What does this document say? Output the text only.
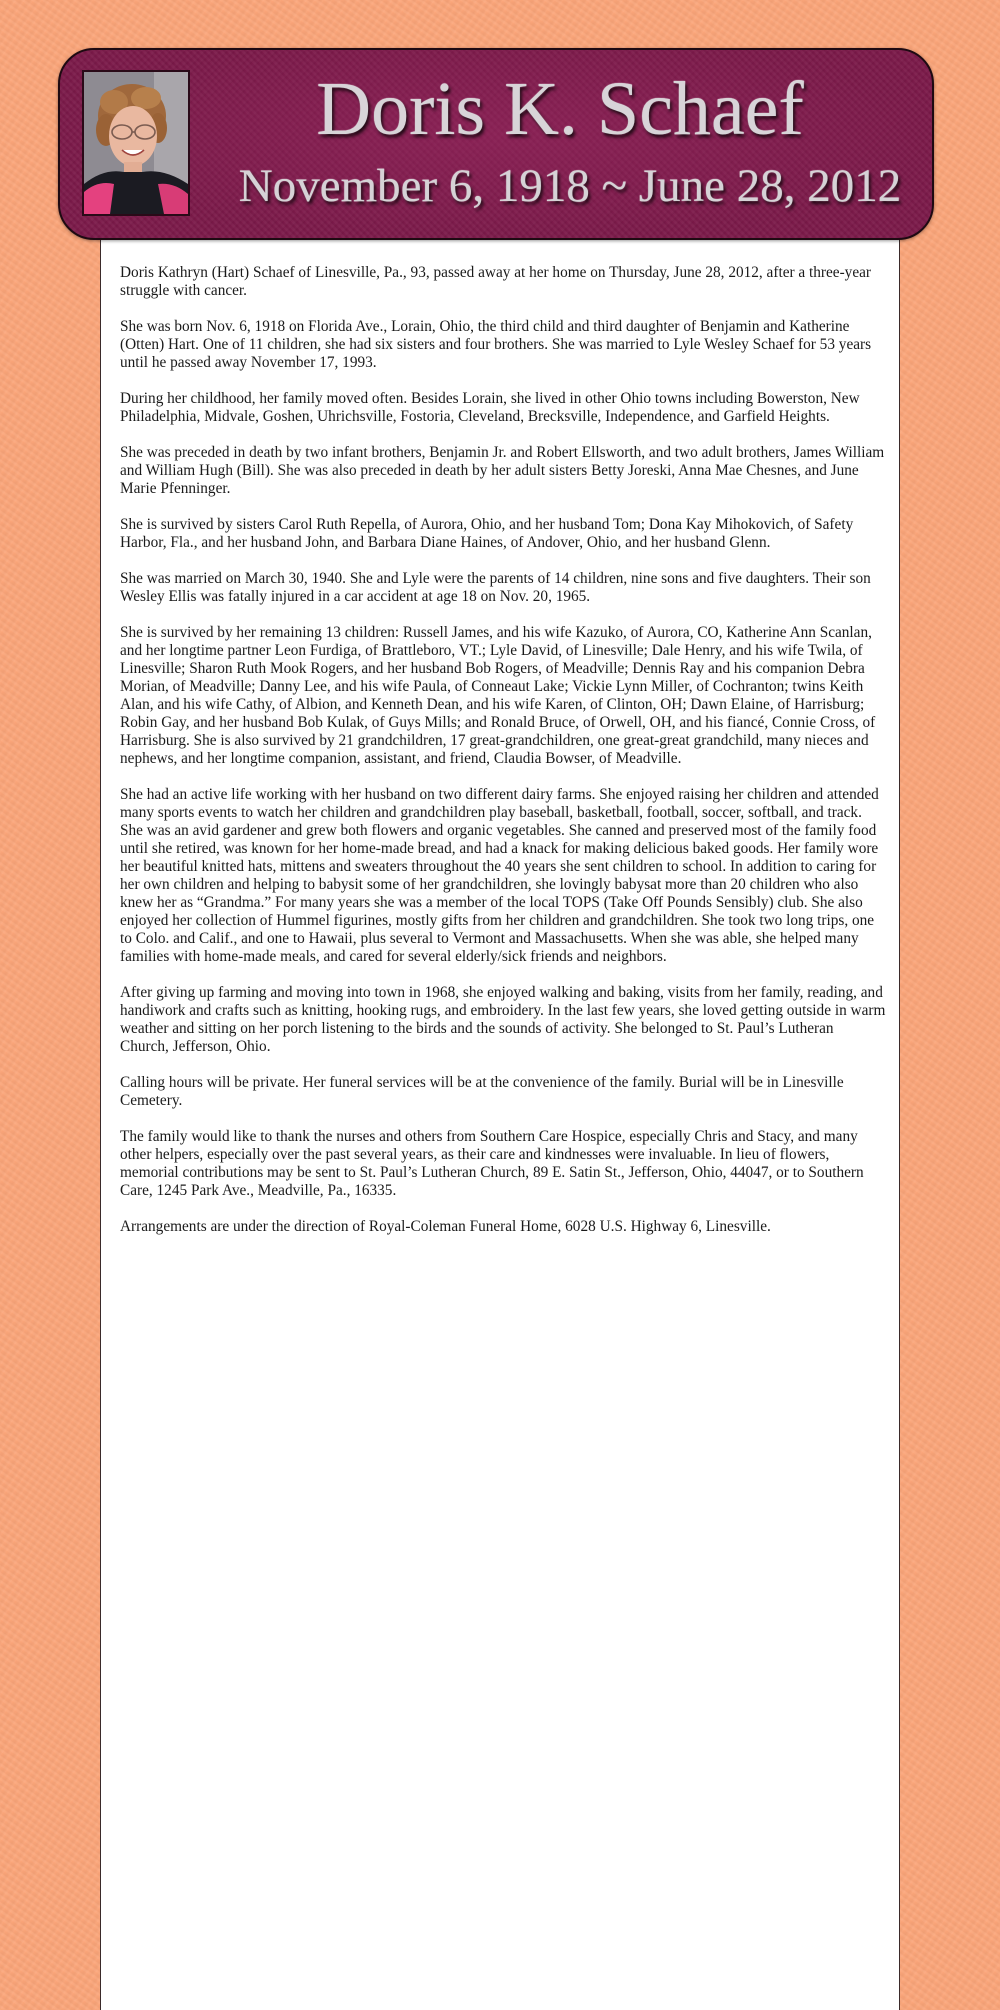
Doris K. Schaef
November 6, 1918 ~ June 28, 2012

Doris Kathryn (Hart) Schaef of Linesville, Pa., 93, passed away at her home on Thursday, June 28, 2012, after a three-year struggle with cancer.

She was born Nov. 6, 1918 on Florida Ave., Lorain, Ohio, the third child and third daughter of Benjamin and Katherine (Otten) Hart. One of 11 children, she had six sisters and four brothers. She was married to Lyle Wesley Schaef for 53 years until he passed away November 17, 1993.

During her childhood, her family moved often. Besides Lorain, she lived in other Ohio towns including Bowerston, New Philadelphia, Midvale, Goshen, Uhrichsville, Fostoria, Cleveland, Brecksville, Independence, and Garfield Heights.

She was preceded in death by two infant brothers, Benjamin Jr. and Robert Ellsworth, and two adult brothers, James William and William Hugh (Bill). She was also preceded in death by her adult sisters Betty Joreski, Anna Mae Chesnes, and June Marie Pfenninger.

She is survived by sisters Carol Ruth Repella, of Aurora, Ohio, and her husband Tom; Dona Kay Mihokovich, of Safety Harbor, Fla., and her husband John, and Barbara Diane Haines, of Andover, Ohio, and her husband Glenn.

She was married on March 30, 1940. She and Lyle were the parents of 14 children, nine sons and five daughters. Their son Wesley Ellis was fatally injured in a car accident at age 18 on Nov. 20, 1965.

She is survived by her remaining 13 children: Russell James, and his wife Kazuko, of Aurora, CO, Katherine Ann Scanlan, and her longtime partner Leon Furdiga, of Brattleboro, VT.; Lyle David, of Linesville; Dale Henry, and his wife Twila, of Linesville; Sharon Ruth Mook Rogers, and her husband Bob Rogers, of Meadville; Dennis Ray and his companion Debra Morian, of Meadville; Danny Lee, and his wife Paula, of Conneaut Lake; Vickie Lynn Miller, of Cochranton; twins Keith Alan, and his wife Cathy, of Albion, and Kenneth Dean, and his wife Karen, of Clinton, OH; Dawn Elaine, of Harrisburg; Robin Gay, and her husband Bob Kulak, of Guys Mills; and Ronald Bruce, of Orwell, OH, and his fiancé, Connie Cross, of Harrisburg. She is also survived by 21 grandchildren, 17 great-grandchildren, one great-great grandchild, many nieces and nephews, and her longtime companion, assistant, and friend, Claudia Bowser, of Meadville.

She had an active life working with her husband on two different dairy farms. She enjoyed raising her children and attended many sports events to watch her children and grandchildren play baseball, basketball, football, soccer, softball, and track. She was an avid gardener and grew both flowers and organic vegetables. She canned and preserved most of the family food until she retired, was known for her home-made bread, and had a knack for making delicious baked goods. Her family wore her beautiful knitted hats, mittens and sweaters throughout the 40 years she sent children to school. In addition to caring for her own children and helping to babysit some of her grandchildren, she lovingly babysat more than 20 children who also knew her as “Grandma.” For many years she was a member of the local TOPS (Take Off Pounds Sensibly) club. She also enjoyed her collection of Hummel figurines, mostly gifts from her children and grandchildren. She took two long trips, one to Colo. and Calif., and one to Hawaii, plus several to Vermont and Massachusetts. When she was able, she helped many families with home-made meals, and cared for several elderly/sick friends and neighbors.

After giving up farming and moving into town in 1968, she enjoyed walking and baking, visits from her family, reading, and handiwork and crafts such as knitting, hooking rugs, and embroidery. In the last few years, she loved getting outside in warm weather and sitting on her porch listening to the birds and the sounds of activity. She belonged to St. Paul’s Lutheran Church, Jefferson, Ohio.

Calling hours will be private. Her funeral services will be at the convenience of the family. Burial will be in Linesville Cemetery.

The family would like to thank the nurses and others from Southern Care Hospice, especially Chris and Stacy, and many other helpers, especially over the past several years, as their care and kindnesses were invaluable. In lieu of flowers, memorial contributions may be sent to St. Paul’s Lutheran Church, 89 E. Satin St., Jefferson, Ohio, 44047, or to Southern Care, 1245 Park Ave., Meadville, Pa., 16335.

Arrangements are under the direction of Royal-Coleman Funeral Home, 6028 U.S. Highway 6, Linesville.
